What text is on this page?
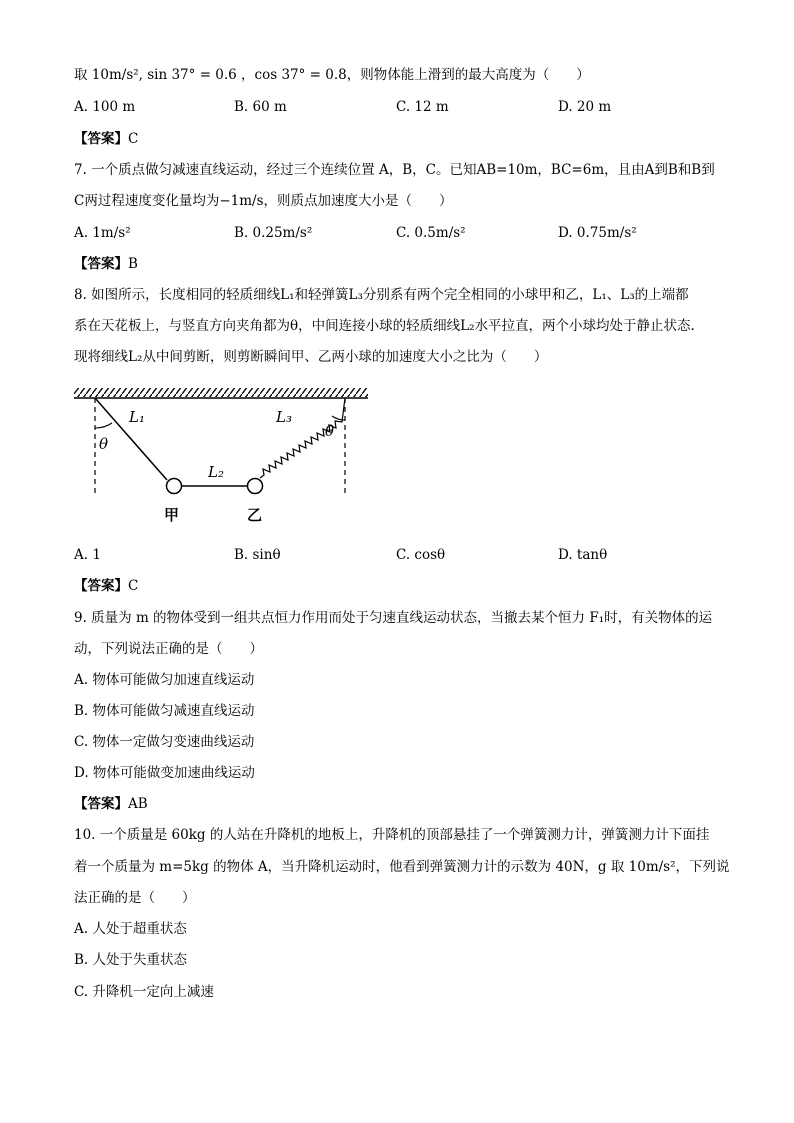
取 10m/s², sin 37° = 0.6 ，cos 37° = 0.8，则物体能上滑到的最大高度为（　　）
A. 100 m	B. 60 m	C. 12 m	D. 20 m
【答案】C
7. 一个质点做匀减速直线运动，经过三个连续位置 A，B，C。已知AB=10m，BC=6m，且由A到B和B到
C两过程速度变化量均为−1m/s，则质点加速度大小是（　　）
A. 1m/s²	B. 0.25m/s²	C. 0.5m/s²	D. 0.75m/s²
【答案】B
8. 如图所示，长度相同的轻质细线L₁和轻弹簧L₃分别系有两个完全相同的小球甲和乙，L₁、L₃的上端都
系在天花板上，与竖直方向夹角都为θ，中间连接小球的轻质细线L₂水平拉直，两个小球均处于静止状态.
现将细线L₂从中间剪断，则剪断瞬间甲、乙两小球的加速度大小之比为（　　）
L₁
L₂
L₃
θ
θ
甲	乙
A. 1	B. sinθ	C. cosθ	D. tanθ
【答案】C
9. 质量为 m 的物体受到一组共点恒力作用而处于匀速直线运动状态，当撤去某个恒力 F₁时，有关物体的运
动，下列说法正确的是（　　）
A. 物体可能做匀加速直线运动
B. 物体可能做匀减速直线运动
C. 物体一定做匀变速曲线运动
D. 物体可能做变加速曲线运动
【答案】AB
10. 一个质量是 60kg 的人站在升降机的地板上，升降机的顶部悬挂了一个弹簧测力计，弹簧测力计下面挂
着一个质量为 m=5kg 的物体 A，当升降机运动时，他看到弹簧测力计的示数为 40N，g 取 10m/s²，下列说
法正确的是（　　）
A. 人处于超重状态
B. 人处于失重状态
C. 升降机一定向上减速
